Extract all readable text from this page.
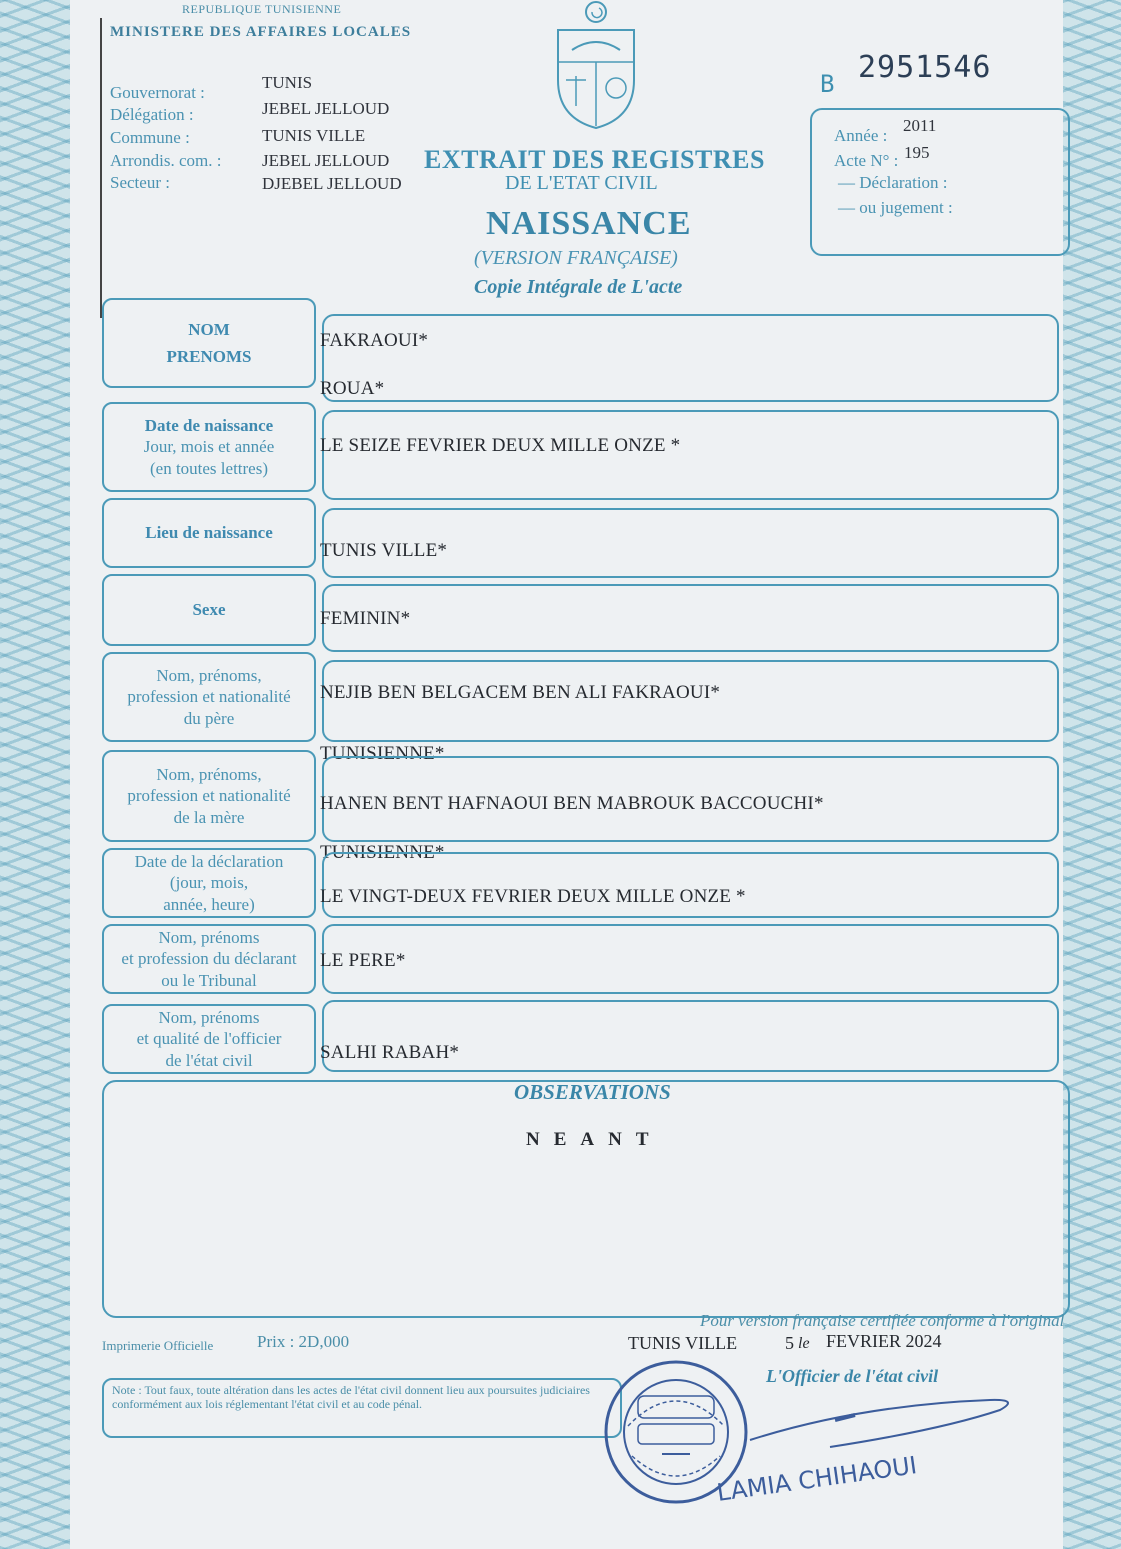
REPUBLIQUE TUNISIENNE
MINISTERE DES AFFAIRES LOCALES
Gouvernorat :
TUNIS
Délégation :	JEBEL JELLOUD
Commune :	TUNIS VILLE
Arrondis. com. : JEBEL JELLOUD
Secteur :	DJEBEL JELLOUD
B 2951546
EXTRAIT DES REGISTRES
DE L'ETAT CIVIL
NAISSANCE
(VERSION FRANÇAISE)
Copie Intégrale de L'acte
Année :
2011
Acte N° : 195
— Déclaration :
— ou jugement :
NOM
PRENOMS
FAKRAOUI*
ROUA*
Date de naissance
Jour, mois et année
(en toutes lettres)
LE SEIZE FEVRIER DEUX MILLE ONZE *
Lieu de naissance
TUNIS VILLE*
Sexe	FEMININ*
Nom, prénoms,
profession et nationalité
du père
NEJIB BEN BELGACEM BEN ALI FAKRAOUI*
TUNISIENNE*
Nom, prénoms,
profession et nationalité
de la mère
HANEN BENT HAFNAOUI BEN MABROUK BACCOUCHI*
TUNISIENNE*
Date de la déclaration
(jour, mois,
année, heure)	LE VINGT-DEUX FEVRIER DEUX MILLE ONZE *
Nom, prénoms
et profession du déclarant
ou le Tribunal
LE PERE*
Nom, prénoms
et qualité de l'officier
de l'état civil	SALHI RABAH*
OBSERVATIONS
NEANT
Imprimerie Officielle	Prix : 2D,000
Pour version française certifiée conforme à l'original
TUNIS VILLE	5 le FEVRIER 2024
L'Officier de l'état civil
Note : Tout faux, toute altération dans les actes de l'état civil donnent lieu aux poursuites judiciaires conformément aux lois réglementant l'état civil et au code pénal.
LAMIA CHIHAOUI
